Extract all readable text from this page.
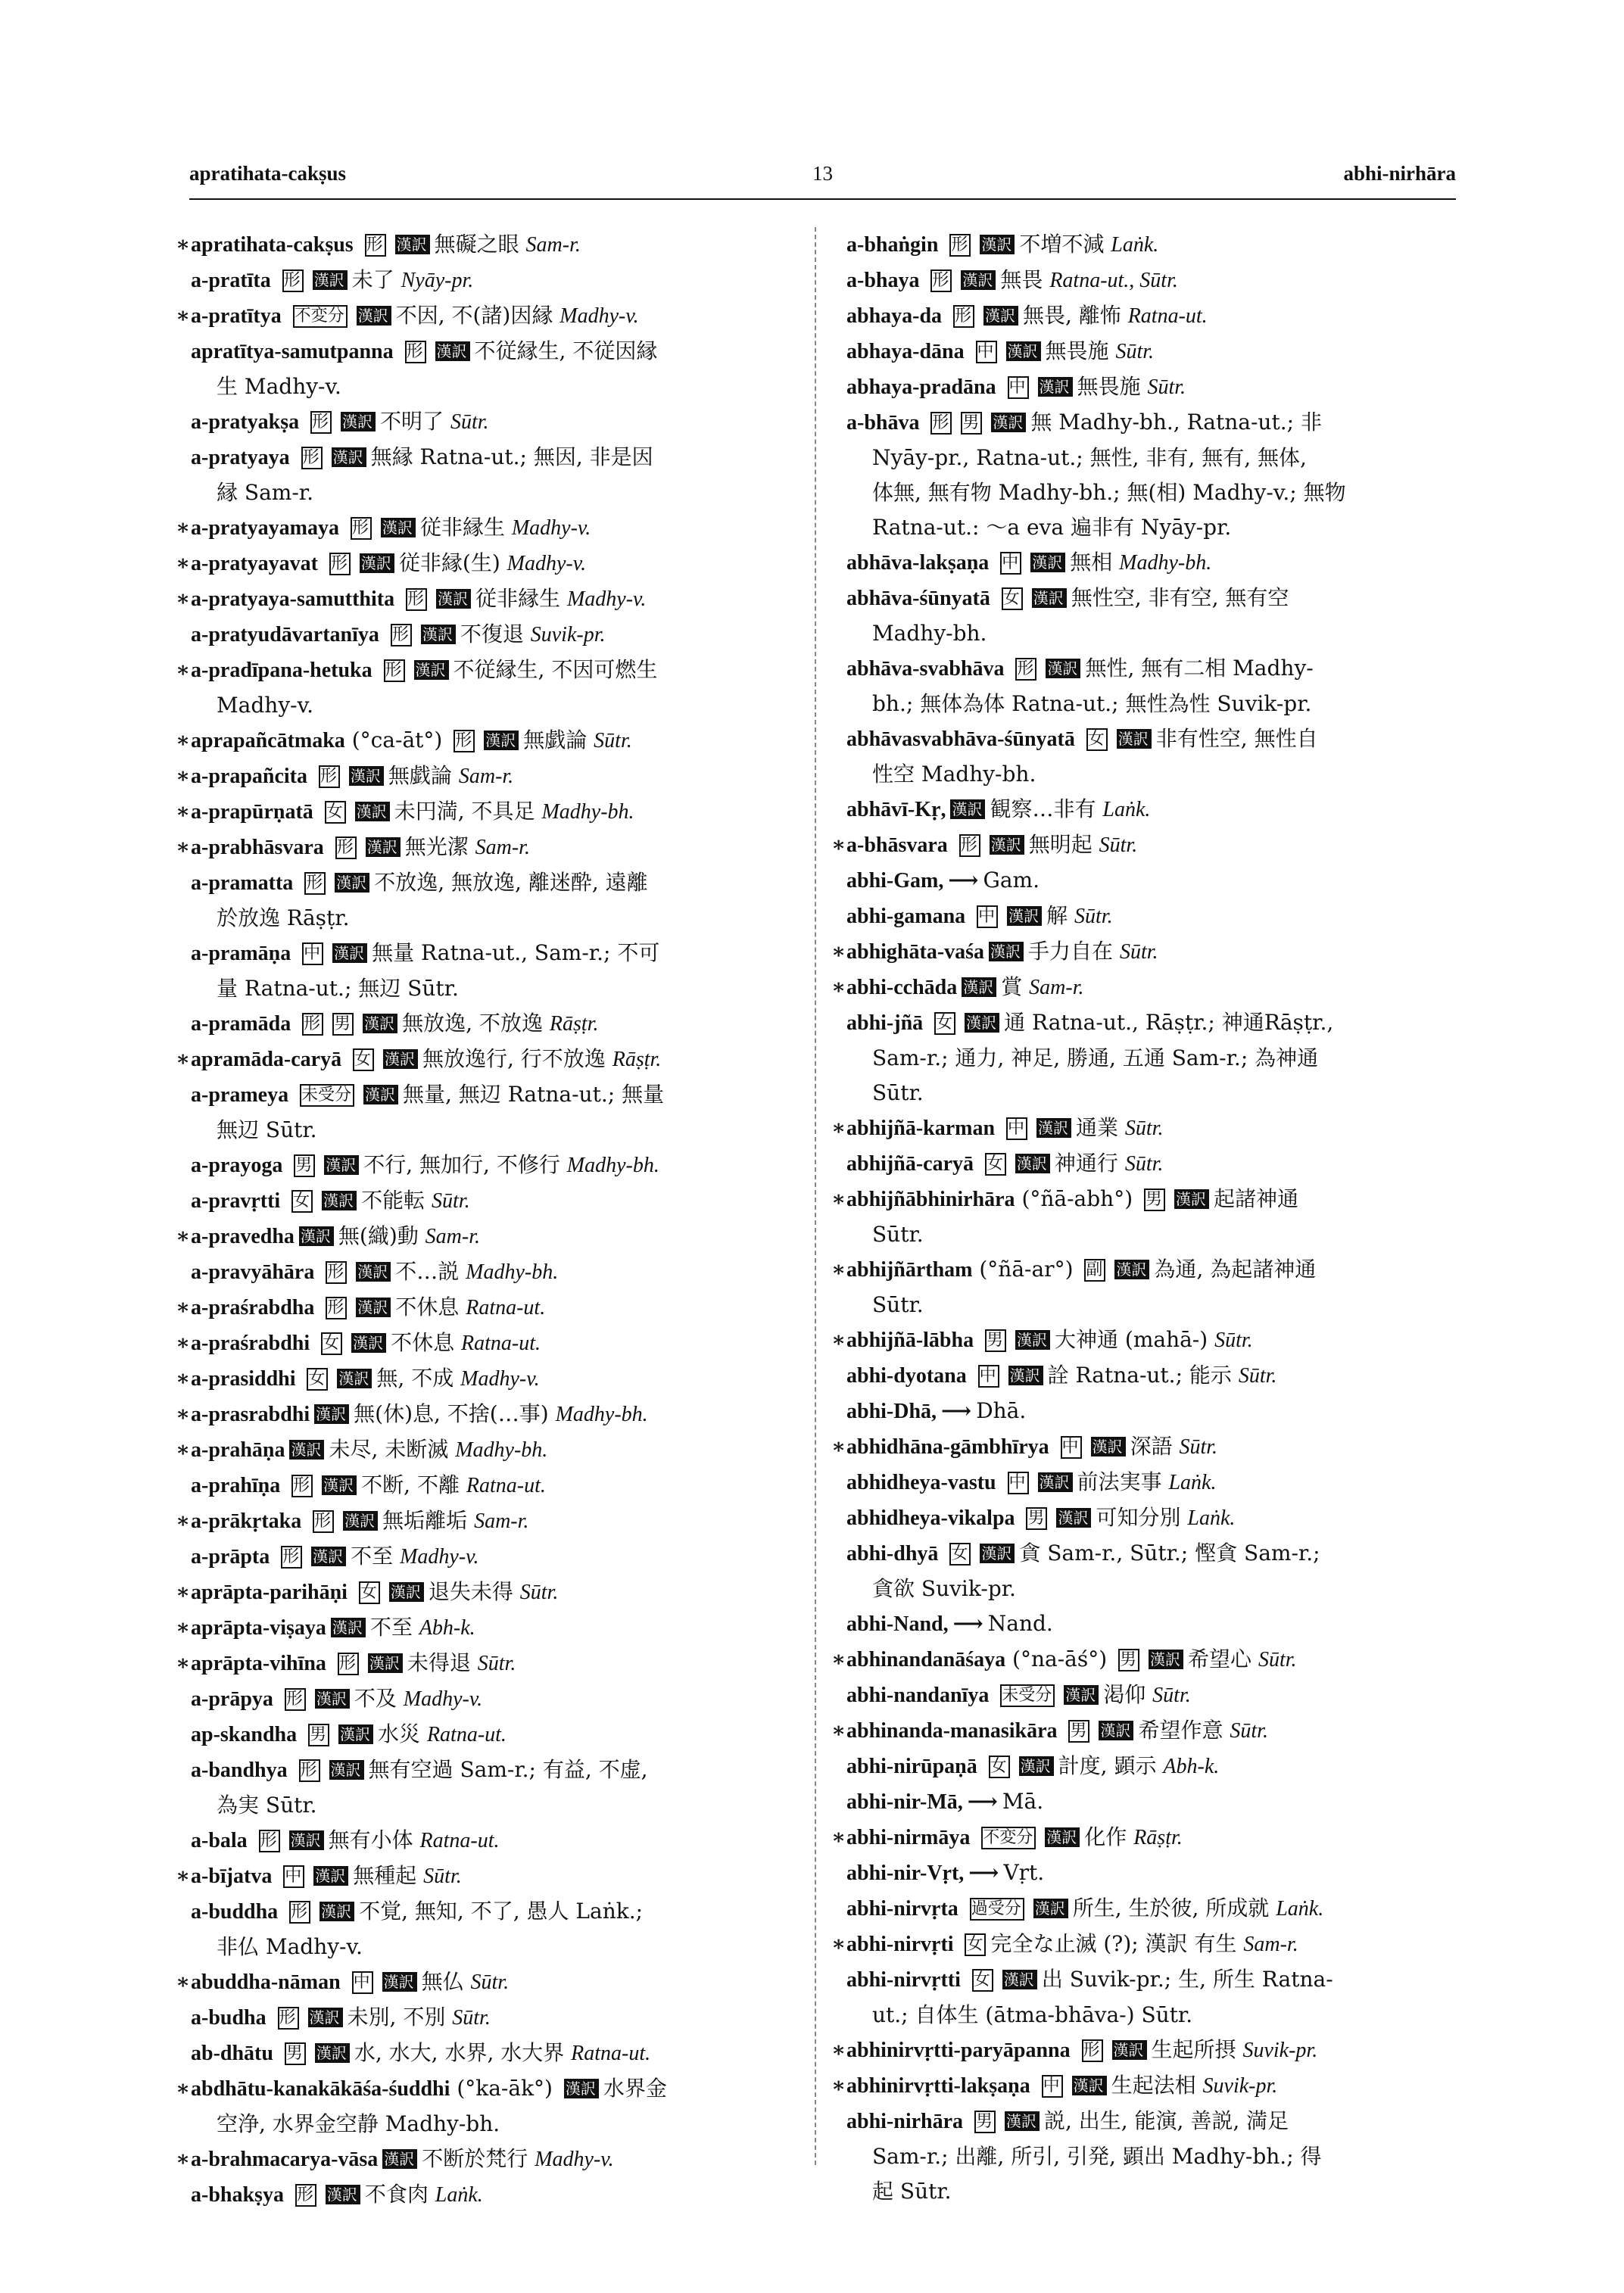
apratihata-cakṣus	13	abhi-nirhāra
∗ apratihata-cakṣus 形 漢訳 無礙之眼 Sam-r.
a-pratīta 形 漢訳 未了 Nyāy-pr.
∗ a-pratītya 不変分 漢訳 不因, 不(諸)因縁 Madhy-v.
apratītya-samutpanna 形 漢訳 不従縁生, 不従因縁
生 Madhy-v.
a-pratyakṣa 形 漢訳 不明了 Sūtr.
a-pratyaya 形 漢訳 無縁 Ratna-ut.; 無因, 非是因
縁 Sam-r.
∗ a-pratyayamaya 形 漢訳 従非縁生 Madhy-v.
∗ a-pratyayavat 形 漢訳 従非縁(生) Madhy-v.
∗ a-pratyaya-samutthita 形 漢訳 従非縁生 Madhy-v.
a-pratyudāvartanīya 形 漢訳 不復退 Suvik-pr.
∗ a-pradīpana-hetuka 形 漢訳 不従縁生, 不因可燃生
Madhy-v.
∗ aprapañcātmaka (°ca-āt°) 形 漢訳 無戯論 Sūtr.
∗ a-prapañcita 形 漢訳 無戯論 Sam-r.
∗ a-prapūrṇatā 女 漢訳 未円満, 不具足 Madhy-bh.
∗ a-prabhāsvara 形 漢訳 無光潔 Sam-r.
a-pramatta 形 漢訳 不放逸, 無放逸, 離迷酔, 遠離
於放逸 Rāṣṭr.
a-pramāṇa 中 漢訳 無量 Ratna-ut., Sam-r.; 不可
量 Ratna-ut.; 無辺 Sūtr.
a-pramāda 形 男 漢訳 無放逸, 不放逸 Rāṣṭr.
∗ apramāda-caryā 女 漢訳 無放逸行, 行不放逸 Rāṣṭr.
a-prameya 未受分 漢訳 無量, 無辺 Ratna-ut.; 無量
無辺 Sūtr.
a-prayoga 男 漢訳 不行, 無加行, 不修行 Madhy-bh.
a-pravṛtti 女 漢訳 不能転 Sūtr.
∗ a-pravedha 漢訳 無(織)動 Sam-r.
a-pravyāhāra 形 漢訳 不…説 Madhy-bh.
∗ a-praśrabdha 形 漢訳 不休息 Ratna-ut.
∗ a-praśrabdhi 女 漢訳 不休息 Ratna-ut.
∗ a-prasiddhi 女 漢訳 無, 不成 Madhy-v.
∗ a-prasrabdhi 漢訳 無(休)息, 不捨(…事) Madhy-bh.
∗ a-prahāṇa 漢訳 未尽, 未断滅 Madhy-bh.
a-prahīṇa 形 漢訳 不断, 不離 Ratna-ut.
∗ a-prākṛtaka 形 漢訳 無垢離垢 Sam-r.
a-prāpta 形 漢訳 不至 Madhy-v.
∗ aprāpta-parihāṇi 女 漢訳 退失未得 Sūtr.
∗ aprāpta-viṣaya 漢訳 不至 Abh-k.
∗ aprāpta-vihīna 形 漢訳 未得退 Sūtr.
a-prāpya 形 漢訳 不及 Madhy-v.
ap-skandha 男 漢訳 水災 Ratna-ut.
a-bandhya 形 漢訳 無有空過 Sam-r.; 有益, 不虚,
為実 Sūtr.
a-bala 形 漢訳 無有小体 Ratna-ut.
∗ a-bījatva 中 漢訳 無種起 Sūtr.
a-buddha 形 漢訳 不覚, 無知, 不了, 愚人 Laṅk.;
非仏 Madhy-v.
∗ abuddha-nāman 中 漢訳 無仏 Sūtr.
a-budha 形 漢訳 未別, 不別 Sūtr.
ab-dhātu 男 漢訳 水, 水大, 水界, 水大界 Ratna-ut.
∗ abdhātu-kanakākāśa-śuddhi (°ka-āk°) 漢訳 水界金
空浄, 水界金空静 Madhy-bh.
∗ a-brahmacarya-vāsa 漢訳 不断於梵行 Madhy-v.
a-bhakṣya 形 漢訳 不食肉 Laṅk.
a-bhaṅgin 形 漢訳 不増不減 Laṅk.
a-bhaya 形 漢訳 無畏 Ratna-ut., Sūtr.
abhaya-da 形 漢訳 無畏, 離怖 Ratna-ut.
abhaya-dāna 中 漢訳 無畏施 Sūtr.
abhaya-pradāna 中 漢訳 無畏施 Sūtr.
a-bhāva 形 男 漢訳 無 Madhy-bh., Ratna-ut.; 非
Nyāy-pr., Ratna-ut.; 無性, 非有, 無有, 無体,
体無, 無有物 Madhy-bh.; 無(相) Madhy-v.; 無物
Ratna-ut.: ～a eva 遍非有 Nyāy-pr.
abhāva-lakṣaṇa 中 漢訳 無相 Madhy-bh.
abhāva-śūnyatā 女 漢訳 無性空, 非有空, 無有空
Madhy-bh.
abhāva-svabhāva 形 漢訳 無性, 無有二相 Madhy-
bh.; 無体為体 Ratna-ut.; 無性為性 Suvik-pr.
abhāvasvabhāva-śūnyatā 女 漢訳 非有性空, 無性自
性空 Madhy-bh.
abhāvī-Kṛ, 漢訳 観察…非有 Laṅk.
∗ a-bhāsvara 形 漢訳 無明起 Sūtr.
abhi-Gam, ⟶ Gam.
abhi-gamana 中 漢訳 解 Sūtr.
∗ abhighāta-vaśa 漢訳 手力自在 Sūtr.
∗ abhi-cchāda 漢訳 賞 Sam-r.
abhi-jñā 女 漢訳 通 Ratna-ut., Rāṣṭr.; 神通Rāṣṭr.,
Sam-r.; 通力, 神足, 勝通, 五通 Sam-r.; 為神通
Sūtr.
∗ abhijñā-karman 中 漢訳 通業 Sūtr.
abhijñā-caryā 女 漢訳 神通行 Sūtr.
∗ abhijñābhinirhāra (°ñā-abh°) 男 漢訳 起諸神通
Sūtr.
∗ abhijñārtham (°ñā-ar°) 副 漢訳 為通, 為起諸神通
Sūtr.
∗ abhijñā-lābha 男 漢訳 大神通 (mahā-) Sūtr.
abhi-dyotana 中 漢訳 詮 Ratna-ut.; 能示 Sūtr.
abhi-Dhā, ⟶ Dhā.
∗ abhidhāna-gāmbhīrya 中 漢訳 深語 Sūtr.
abhidheya-vastu 中 漢訳 前法実事 Laṅk.
abhidheya-vikalpa 男 漢訳 可知分別 Laṅk.
abhi-dhyā 女 漢訳 貪 Sam-r., Sūtr.; 慳貪 Sam-r.;
貪欲 Suvik-pr.
abhi-Nand, ⟶ Nand.
∗ abhinandanāśaya (°na-āś°) 男 漢訳 希望心 Sūtr.
abhi-nandanīya 未受分 漢訳 渇仰 Sūtr.
∗ abhinanda-manasikāra 男 漢訳 希望作意 Sūtr.
abhi-nirūpaṇā 女 漢訳 計度, 顕示 Abh-k.
abhi-nir-Mā, ⟶ Mā.
∗ abhi-nirmāya 不変分 漢訳 化作 Rāṣṭr.
abhi-nir-Vṛt, ⟶ Vṛt.
abhi-nirvṛta 過受分 漢訳 所生, 生於彼, 所成就 Laṅk.
∗ abhi-nirvṛti 女 完全な止滅 (?); 漢訳 有生 Sam-r.
abhi-nirvṛtti 女 漢訳 出 Suvik-pr.; 生, 所生 Ratna-
ut.; 自体生 (ātma-bhāva-) Sūtr.
∗ abhinirvṛtti-paryāpanna 形 漢訳 生起所摂 Suvik-pr.
∗ abhinirvṛtti-lakṣaṇa 中 漢訳 生起法相 Suvik-pr.
abhi-nirhāra 男 漢訳 説, 出生, 能演, 善説, 満足
Sam-r.; 出離, 所引, 引発, 顕出 Madhy-bh.; 得
起 Sūtr.
